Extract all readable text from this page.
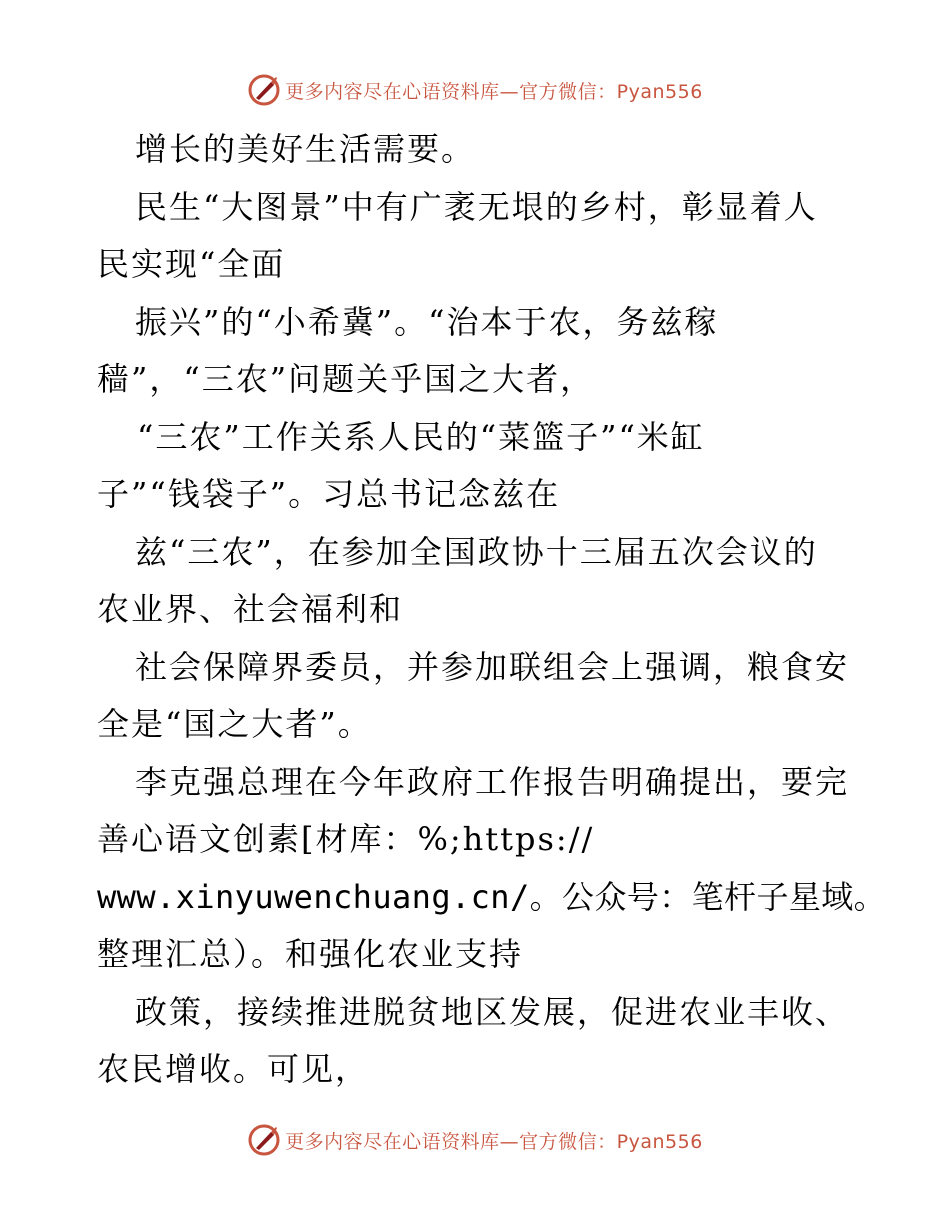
更多内容尽在心语资料库—官方微信：Pyan556
增长的美好生活需要。
民生“大图景”中有广袤无垠的乡村，彰显着人
民实现“全面
振兴”的“小希冀”。“治本于农，务兹稼
穑”，“三农”问题关乎国之大者，
“三农”工作关系人民的“菜篮子”“米缸
子”“钱袋子”。习总书记念兹在
兹“三农”，在参加全国政协十三届五次会议的
农业界、社会福利和
社会保障界委员，并参加联组会上强调，粮食安
全是“国之大者”。
李克强总理在今年政府工作报告明确提出，要完
善心语文创素[材库：%;https://
www.xinyuwenchuang.cn/。公众号：笔杆子星域。
整理汇总）。和强化农业支持
政策，接续推进脱贫地区发展，促进农业丰收、
农民增收。可见，
更多内容尽在心语资料库—官方微信：Pyan556
